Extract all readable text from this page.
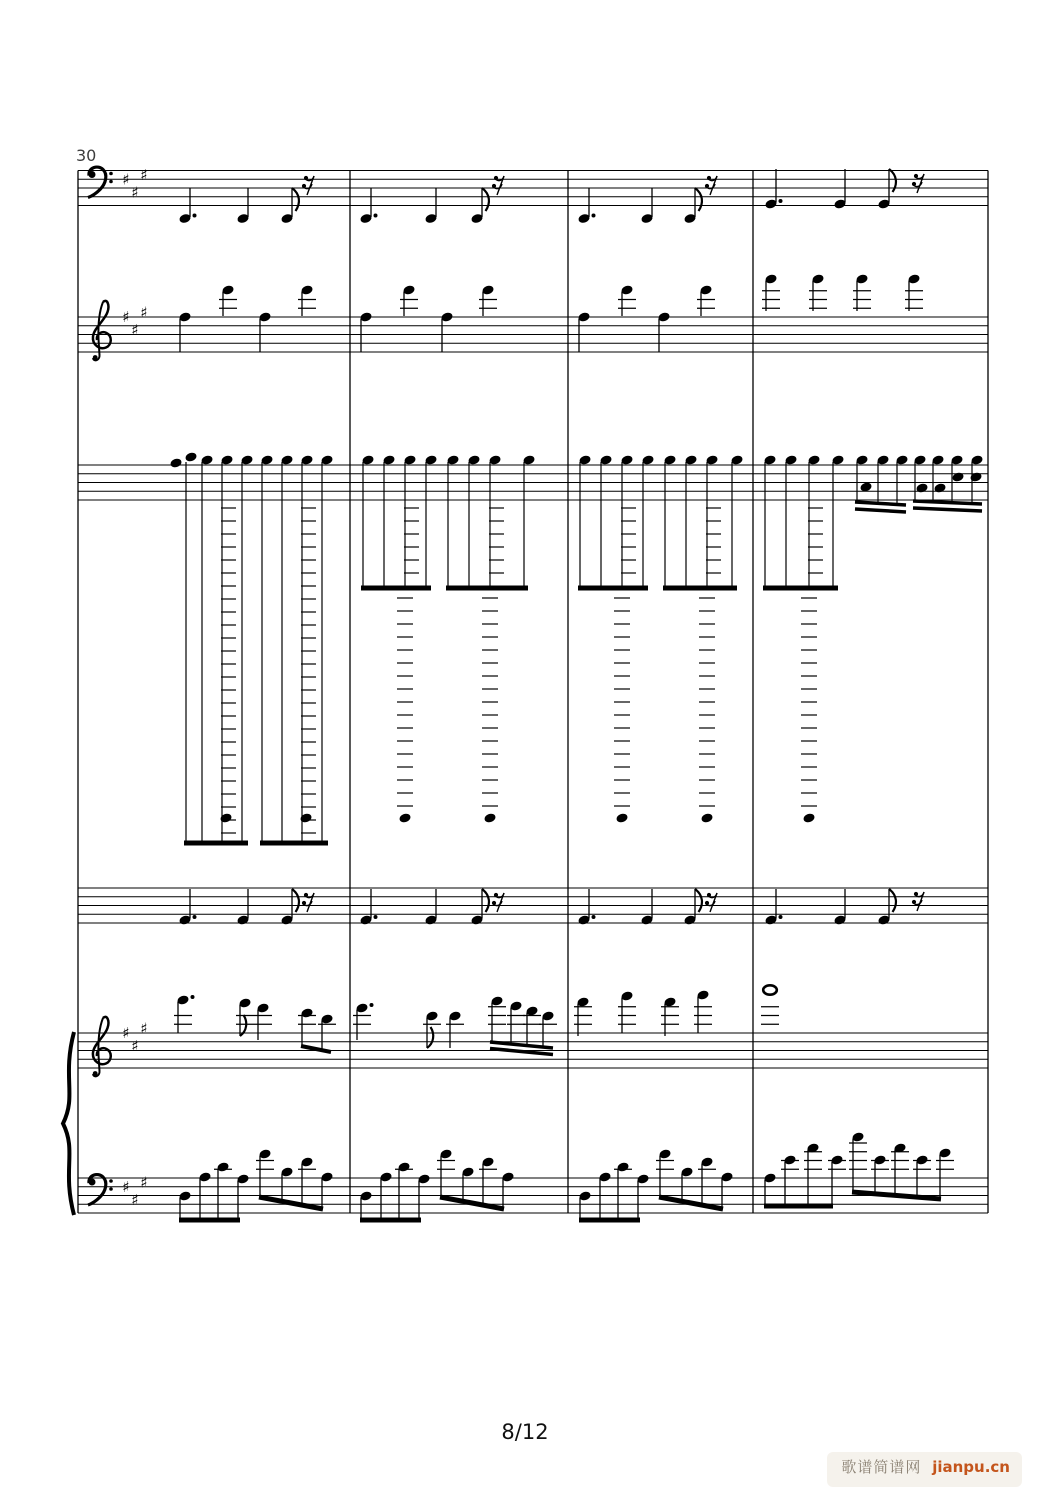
30
♯
♯
♯
♯
♯
♯
♯
♯
♯
♯
♯
♯
8/12
歌谱简谱网 jianpu.cn
